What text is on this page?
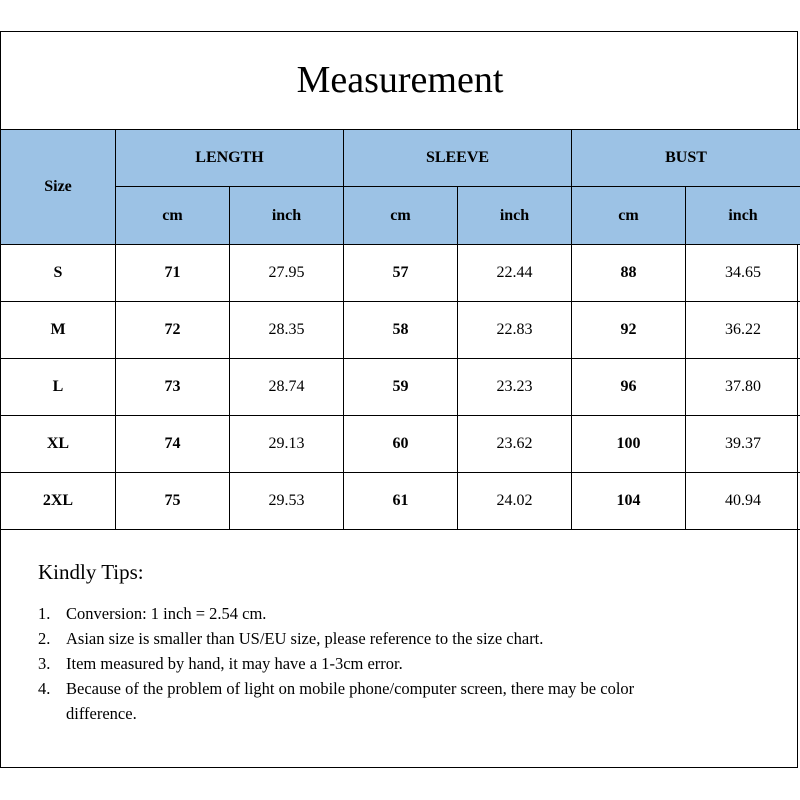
Measurement
Size	LENGTH		SLEEVE		BUST	
	cm	inch	cm	inch	cm	inch
S	71	27.95	57	22.44	88	34.65
M	72	28.35	58	22.83	92	36.22
L	73	28.74	59	23.23	96	37.80
XL	74	29.13	60	23.62	100	39.37
2XL	75	29.53	61	24.02	104	40.94
Kindly Tips:
1. Conversion: 1 inch = 2.54 cm.
2. Asian size is smaller than US/EU size, please reference to the size chart.
3. Item measured by hand, it may have a 1-3cm error.
4. Because of the problem of light on mobile phone/computer screen, there may be color difference.
